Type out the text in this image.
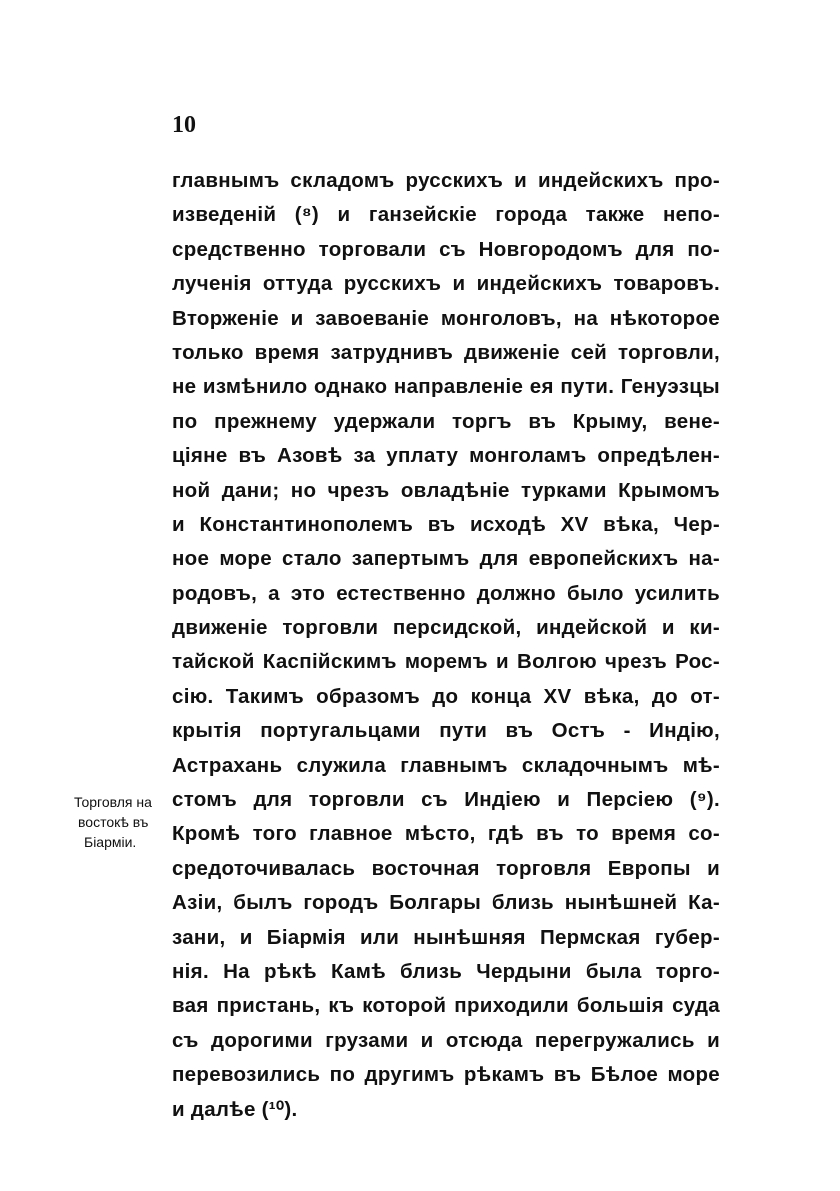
10
Торговля на
востокѣ въ
Бiармiи.
главнымъ складомъ русскихъ и индейскихъ про-
изведенiй (⁸) и ганзейскiе города также непо-
средственно торговали съ Новгородомъ для по-
лученiя оттуда русскихъ и индейскихъ товаровъ.
Вторженiе и завоеванiе монголовъ, на нѣкоторое
только время затруднивъ движенiе сей торговли,
не измѣнило однако направленiе ея пути. Генуэзцы
по прежнему удержали торгъ въ Крыму, вене-
цiяне въ Азовѣ за уплату монголамъ опредѣлен-
ной дани; но чрезъ овладѣнiе турками Крымомъ
и Константинополемъ въ исходѣ XV вѣка, Чер-
ное море стало запертымъ для европейскихъ на-
родовъ, а это естественно должно было усилить
движенiе торговли персидской, индейской и ки-
тайской Каспiйскимъ моремъ и Волгою чрезъ Рос-
сiю. Такимъ образомъ до конца XV вѣка, до от-
крытiя португальцами пути въ Остъ - Индiю,
Астрахань служила главнымъ складочнымъ мѣ-
стомъ для торговли съ Индiею и Персiею (⁹).
Кромѣ того главное мѣсто, гдѣ въ то время со-
средоточивалась восточная торговля Европы и
Азiи, былъ городъ Болгары близь нынѣшней Ка-
зани, и Бiармiя или нынѣшняя Пермская губер-
нiя. На рѣкѣ Камѣ близь Чердыни была торго-
вая пристань, къ которой приходили большiя суда
съ дорогими грузами и отсюда перегружались и
перевозились по другимъ рѣкамъ въ Бѣлое море
и далѣе (¹⁰).
